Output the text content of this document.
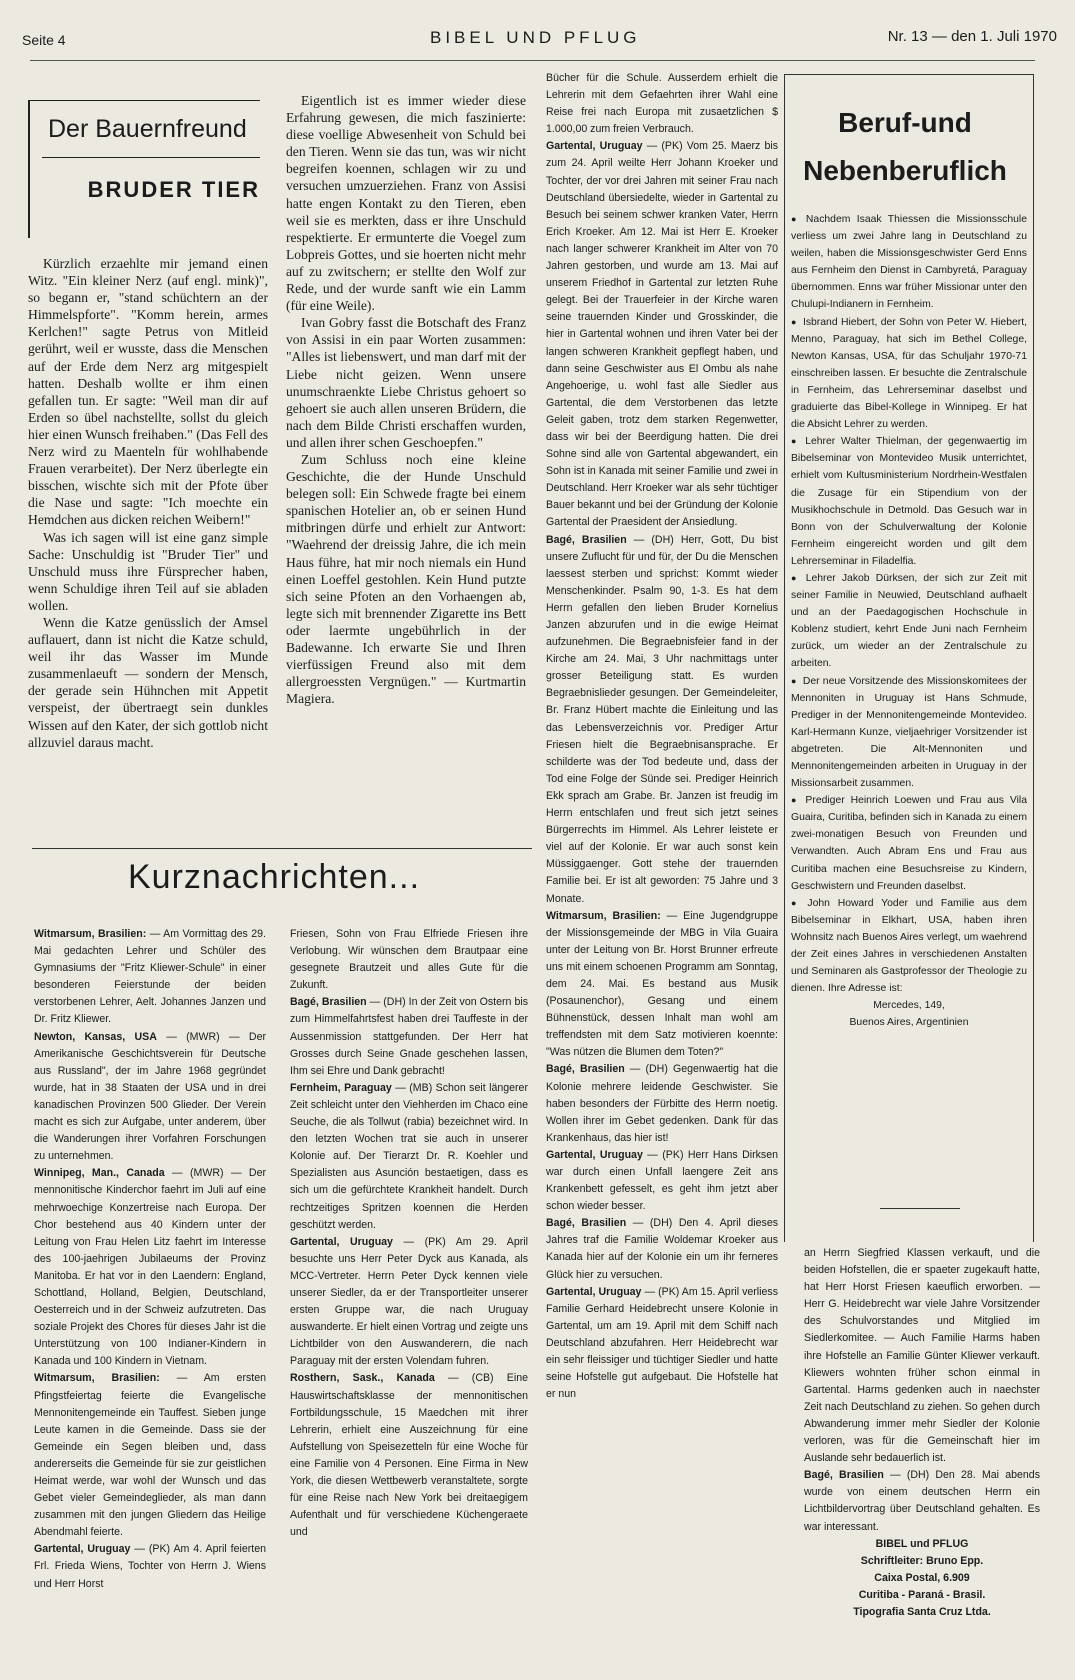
Seite 4	BIBEL UND PFLUG	Nr. 13 — den 1. Juli 1970
Der Bauernfreund
BRUDER TIER

Kürzlich erzaehlte mir jemand einen Witz. "Ein kleiner Nerz (auf engl. mink)", so begann er, "stand schüchtern an der Himmelspforte". "Komm herein, armes Kerlchen!" sagte Petrus von Mitleid gerührt, weil er wusste, dass die Menschen auf der Erde dem Nerz arg mitgespielt hatten. Deshalb wollte er ihm einen gefallen tun. Er sagte: "Weil man dir auf Erden so übel nachstellte, sollst du gleich hier einen Wunsch freihaben." (Das Fell des Nerz wird zu Maenteln für wohlhabende Frauen verarbeitet). Der Nerz überlegte ein bisschen, wischte sich mit der Pfote über die Nase und sagte: "Ich moechte ein Hemdchen aus dicken reichen Weibern!"

Was ich sagen will ist eine ganz simple Sache: Unschuldig ist "Bruder Tier" und Unschuld muss ihre Fürsprecher haben, wenn Schuldige ihren Teil auf sie abladen wollen.

Wenn die Katze genüsslich der Amsel auflauert, dann ist nicht die Katze schuld, weil ihr das Wasser im Munde zusammenlaeuft — sondern der Mensch, der gerade sein Hühnchen mit Appetit verspeist, der übertraegt sein dunkles Wissen auf den Kater, der sich gottlob nicht allzuviel daraus macht.

Eigentlich ist es immer wieder diese Erfahrung gewesen, die mich faszinierte: diese voellige Abwesenheit von Schuld bei den Tieren. Wenn sie das tun, was wir nicht begreifen koennen, schlagen wir zu und versuchen umzuerziehen. Franz von Assisi hatte engen Kontakt zu den Tieren, eben weil sie es merkten, dass er ihre Unschuld respektierte. Er ermunterte die Voegel zum Lobpreis Gottes, und sie hoerten nicht mehr auf zu zwitschern; er stellte den Wolf zur Rede, und der wurde sanft wie ein Lamm (für eine Weile).

Ivan Gobry fasst die Botschaft des Franz von Assisi in ein paar Worten zusammen: "Alles ist liebenswert, und man darf mit der Liebe nicht geizen. Wenn unsere unumschraenkte Liebe Christus gehoert so gehoert sie auch allen unseren Brüdern, die nach dem Bilde Christi erschaffen wurden, und allen ihrer schen Geschoepfen."

Zum Schluss noch eine kleine Geschichte, die der Hunde Unschuld belegen soll: Ein Schwede fragte bei einem spanischen Hotelier an, ob er seinen Hund mitbringen dürfe und erhielt zur Antwort: "Waehrend der dreissig Jahre, die ich mein Haus führe, hat mir noch niemals ein Hund einen Loeffel gestohlen. Kein Hund putzte sich seine Pfoten an den Vorhaengen ab, legte sich mit brennender Zigarette ins Bett oder laermte ungebührlich in der Badewanne. Ich erwarte Sie und Ihren vierfüssigen Freund also mit dem allergroessten Vergnügen." — Kurtmartin Magiera.

Bücher für die Schule. Ausserdem erhielt die Lehrerin mit dem Gefaehrten ihrer Wahl eine Reise frei nach Europa mit zusaetzlichen $ 1.000,00 zum freien Verbrauch.

Gartental, Uruguay — (PK) Vom 25. Maerz bis zum 24. April weilte Herr Johann Kroeker und Tochter, der vor drei Jahren mit seiner Frau nach Deutschland übersiedelte, wieder in Gartental zu Besuch bei seinem schwer kranken Vater, Herrn Erich Kroeker. Am 12. Mai ist Herr E. Kroeker nach langer schwerer Krankheit im Alter von 70 Jahren gestorben, und wurde am 13. Mai auf unserem Friedhof in Gartental zur letzten Ruhe gelegt. Bei der Trauerfeier in der Kirche waren seine trauernden Kinder und Grosskinder, die hier in Gartental wohnen und ihren Vater bei der langen schweren Krankheit gepflegt haben, und dann seine Geschwister aus El Ombu als nahe Angehoerige, u. wohl fast alle Siedler aus Gartental, die dem Verstorbenen das letzte Geleit gaben, trotz dem starken Regenwetter, dass wir bei der Beerdigung hatten. Die drei Sohne sind alle von Gartental abgewandert, ein Sohn ist in Kanada mit seiner Familie und zwei in Deutschland. Herr Kroeker war als sehr tüchtiger Bauer bekannt und bei der Gründung der Kolonie Gartental der Praesident der Ansiedlung.

Bagé, Brasilien — (DH) Herr, Gott, Du bist unsere Zuflucht für und für, der Du die Menschen laessest sterben und sprichst: Kommt wieder Menschenkinder. Psalm 90, 1-3. Es hat dem Herrn gefallen den lieben Bruder Kornelius Janzen abzurufen und in die ewige Heimat aufzunehmen. Die Begraebnisfeier fand in der Kirche am 24. Mai, 3 Uhr nachmittags unter grosser Beteiligung statt. Es wurden Begraebnislieder gesungen. Der Gemeindeleiter, Br. Franz Hübert machte die Einleitung und las das Lebensverzeichnis vor. Prediger Artur Friesen hielt die Begraebnisansprache. Er schilderte was der Tod bedeute und, dass der Tod eine Folge der Sünde sei. Prediger Heinrich Ekk sprach am Grabe. Br. Janzen ist freudig im Herrn entschlafen und freut sich jetzt seines Bürgerrechts im Himmel. Als Lehrer leistete er viel auf der Kolonie. Er war auch sonst kein Müssiggaenger. Gott stehe der trauernden Familie bei. Er ist alt geworden: 75 Jahre und 3 Monate.

Witmarsum, Brasilien: — Eine Jugendgruppe der Missionsgemeinde der MBG in Vila Guaira unter der Leitung von Br. Horst Brunner erfreute uns mit einem schoenen Programm am Sonntag, dem 24. Mai. Es bestand aus Musik (Posaunenchor), Gesang und einem Bühnenstück, dessen Inhalt man wohl am treffendsten mit dem Satz motivieren koennte: "Was nützen die Blumen dem Toten?"

Bagé, Brasilien — (DH) Gegenwaertig hat die Kolonie mehrere leidende Geschwister. Sie haben besonders der Fürbitte des Herrn noetig. Wollen ihrer im Gebet gedenken. Dank für das Krankenhaus, das hier ist!

Gartental, Uruguay — (PK) Herr Hans Dirksen war durch einen Unfall laengere Zeit ans Krankenbett gefesselt, es geht ihm jetzt aber schon wieder besser.

Bagé, Brasilien — (DH) Den 4. April dieses Jahres traf die Familie Woldemar Kroeker aus Kanada hier auf der Kolonie ein um ihr ferneres Glück hier zu versuchen.

Gartental, Uruguay — (PK) Am 15. April verliess Familie Gerhard Heidebrecht unsere Kolonie in Gartental, um am 19. April mit dem Schiff nach Deutschland abzufahren. Herr Heidebrecht war ein sehr fleissiger und tüchtiger Siedler und hatte seine Hofstelle gut aufgebaut. Die Hofstelle hat er nun

Beruf-und
Nebenberuflich

● Nachdem Isaak Thiessen die Missionsschule verliess um zwei Jahre lang in Deutschland zu weilen, haben die Missionsgeschwister Gerd Enns aus Fernheim den Dienst in Cambyretá, Paraguay übernommen. Enns war früher Missionar unter den Chulupi-Indianern in Fernheim.

● Isbrand Hiebert, der Sohn von Peter W. Hiebert, Menno, Paraguay, hat sich im Bethel College, Newton Kansas, USA, für das Schuljahr 1970-71 einschreiben lassen. Er besuchte die Zentralschule in Fernheim, das Lehrerseminar daselbst und graduierte das Bibel-Kollege in Winnipeg. Er hat die Absicht Lehrer zu werden.

● Lehrer Walter Thielman, der gegenwaertig im Bibelseminar von Montevideo Musik unterrichtet, erhielt vom Kultusministerium Nordrhein-Westfalen die Zusage für ein Stipendium von der Musikhochschule in Detmold. Das Gesuch war in Bonn von der Schulverwaltung der Kolonie Fernheim eingereicht worden und gilt dem Lehrerseminar in Filadelfia.

● Lehrer Jakob Dürksen, der sich zur Zeit mit seiner Familie in Neuwied, Deutschland aufhaelt und an der Paedagogischen Hochschule in Koblenz studiert, kehrt Ende Juni nach Fernheim zurück, um wieder an der Zentralschule zu arbeiten.

● Der neue Vorsitzende des Missionskomitees der Mennoniten in Uruguay ist Hans Schmude, Prediger in der Mennonitengemeinde Montevideo. Karl-Hermann Kunze, vieljaehriger Vorsitzender ist abgetreten. Die Alt-Mennoniten und Mennonitengemeinden arbeiten in Uruguay in der Missionsarbeit zusammen.

● Prediger Heinrich Loewen und Frau aus Vila Guaira, Curitiba, befinden sich in Kanada zu einem zwei-monatigen Besuch von Freunden und Verwandten. Auch Abram Ens und Frau aus Curitiba machen eine Besuchsreise zu Kindern, Geschwistern und Freunden daselbst.

● John Howard Yoder und Familie aus dem Bibelseminar in Elkhart, USA, haben ihren Wohnsitz nach Buenos Aires verlegt, um waehrend der Zeit eines Jahres in verschiedenen Anstalten und Seminaren als Gastprofessor der Theologie zu dienen. Ihre Adresse ist:

Mercedes, 149,

Buenos Aires, Argentinien

an Herrn Siegfried Klassen verkauft, und die beiden Hofstellen, die er spaeter zugekauft hatte, hat Herr Horst Friesen kaeuflich erworben. — Herr G. Heidebrecht war viele Jahre Vorsitzender des Schulvorstandes und Mitglied im Siedlerkomitee. — Auch Familie Harms haben ihre Hofstelle an Familie Günter Kliewer verkauft. Kliewers wohnten früher schon einmal in Gartental. Harms gedenken auch in naechster Zeit nach Deutschland zu ziehen. So gehen durch Abwanderung immer mehr Siedler der Kolonie verloren, was für die Gemeinschaft hier im Auslande sehr bedauerlich ist.

Bagé, Brasilien — (DH) Den 28. Mai abends wurde von einem deutschen Herrn ein Lichtbildervortrag über Deutschland gehalten. Es war interessant.

BIBEL und PFLUG

Schriftleiter: Bruno Epp.

Caixa Postal, 6.909

Curitiba - Paraná - Brasil.

Tipografia Santa Cruz Ltda.

Kurznachrichten...

Witmarsum, Brasilien: — Am Vormittag des 29. Mai gedachten Lehrer und Schüler des Gymnasiums der "Fritz Kliewer-Schule" in einer besonderen Feierstunde der beiden verstorbenen Lehrer, Aelt. Johannes Janzen und Dr. Fritz Kliewer.

Newton, Kansas, USA — (MWR) — Der Amerikanische Geschichtsverein für Deutsche aus Russland", der im Jahre 1968 gegründet wurde, hat in 38 Staaten der USA und in drei kanadischen Provinzen 500 Glieder. Der Verein macht es sich zur Aufgabe, unter anderem, über die Wanderungen ihrer Vorfahren Forschungen zu unternehmen.

Winnipeg, Man., Canada — (MWR) — Der mennonitische Kinderchor faehrt im Juli auf eine mehrwoechige Konzertreise nach Europa. Der Chor bestehend aus 40 Kindern unter der Leitung von Frau Helen Litz faehrt im Interesse des 100-jaehrigen Jubilaeums der Provinz Manitoba. Er hat vor in den Laendern: England, Schottland, Holland, Belgien, Deutschland, Oesterreich und in der Schweiz aufzutreten. Das soziale Projekt des Chores für dieses Jahr ist die Unterstützung von 100 Indianer-Kindern in Kanada und 100 Kindern in Vietnam.

Witmarsum, Brasilien: — Am ersten Pfingstfeiertag feierte die Evangelische Mennonitengemeinde ein Tauffest. Sieben junge Leute kamen in die Gemeinde. Dass sie der Gemeinde ein Segen bleiben und, dass andererseits die Gemeinde für sie zur geistlichen Heimat werde, war wohl der Wunsch und das Gebet vieler Gemeindeglieder, als man dann zusammen mit den jungen Gliedern das Heilige Abendmahl feierte.

Gartental, Uruguay — (PK) Am 4. April feierten Frl. Frieda Wiens, Tochter von Herrn J. Wiens und Herr Horst

Friesen, Sohn von Frau Elfriede Friesen ihre Verlobung. Wir wünschen dem Brautpaar eine gesegnete Brautzeit und alles Gute für die Zukunft.

Bagé, Brasilien — (DH) In der Zeit von Ostern bis zum Himmelfahrtsfest haben drei Tauffeste in der Aussenmission stattgefunden. Der Herr hat Grosses durch Seine Gnade geschehen lassen, Ihm sei Ehre und Dank gebracht!

Fernheim, Paraguay — (MB) Schon seit längerer Zeit schleicht unter den Viehherden im Chaco eine Seuche, die als Tollwut (rabia) bezeichnet wird. In den letzten Wochen trat sie auch in unserer Kolonie auf. Der Tierarzt Dr. R. Koehler und Spezialisten aus Asunción bestaetigen, dass es sich um die gefürchtete Krankheit handelt. Durch rechtzeitiges Spritzen koennen die Herden geschützt werden.

Gartental, Uruguay — (PK) Am 29. April besuchte uns Herr Peter Dyck aus Kanada, als MCC-Vertreter. Herrn Peter Dyck kennen viele unserer Siedler, da er der Transportleiter unserer ersten Gruppe war, die nach Uruguay auswanderte. Er hielt einen Vortrag und zeigte uns Lichtbilder von den Auswanderern, die nach Paraguay mit der ersten Volendam fuhren.

Rosthern, Sask., Kanada — (CB) Eine Hauswirtschaftsklasse der mennonitischen Fortbildungsschule, 15 Maedchen mit ihrer Lehrerin, erhielt eine Auszeichnung für eine Aufstellung von Speisezetteln für eine Woche für eine Familie von 4 Personen. Eine Firma in New York, die diesen Wettbewerb veranstaltete, sorgte für eine Reise nach New York bei dreitaegigem Aufenthalt und für verschiedene Küchengeraete und
